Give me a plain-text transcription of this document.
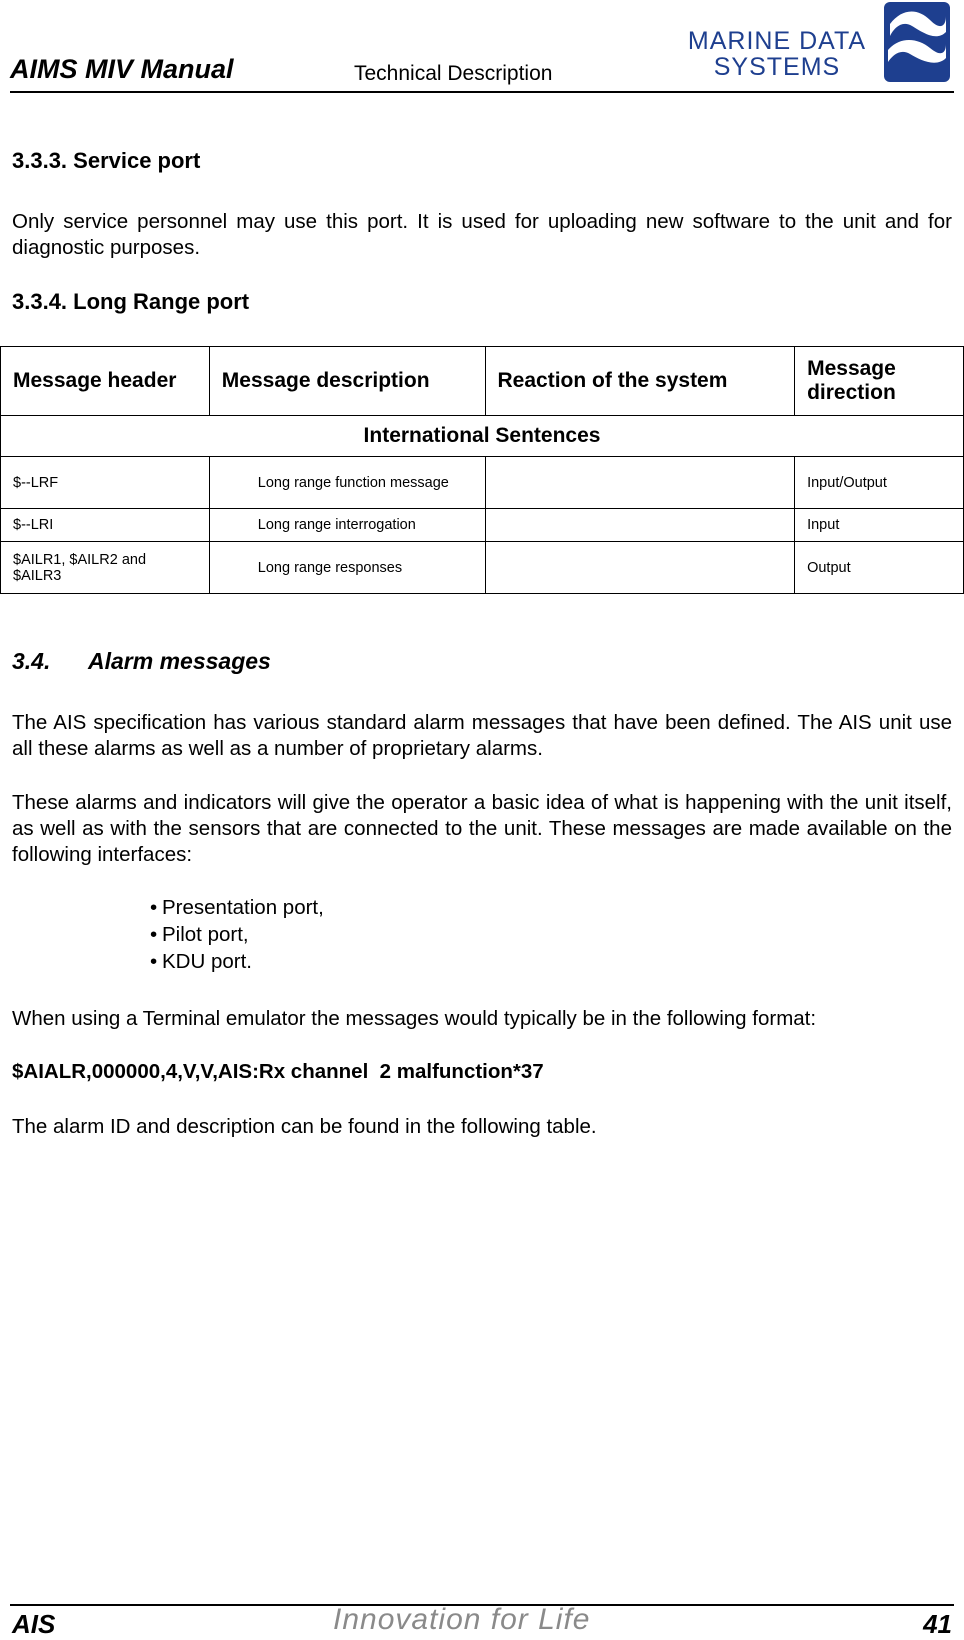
AIMS MIV Manual	Technical Description
MARINE DATA
SYSTEMS
3.3.3. Service port
Only service personnel may use this port. It is used for uploading new software to the unit and for diagnostic purposes.
3.3.4. Long Range port
Message header	Message description	Reaction of the system	Message direction
International Sentences			
$--LRF	Long range function message		Input/Output
$--LRI	Long range interrogation		Input
$AILR1, $AILR2 and $AILR3	Long range responses		Output
3.4. Alarm messages
The AIS specification has various standard alarm messages that have been defined. The AIS unit use all these alarms as well as a number of proprietary alarms.
These alarms and indicators will give the operator a basic idea of what is happening with the unit itself, as well as with the sensors that are connected to the unit. These messages are made available on the following interfaces:
• Presentation port,
• Pilot port,
• KDU port.
When using a Terminal emulator the messages would typically be in the following format:
$AIALR,000000,4,V,V,AIS:Rx channel  2 malfunction*37
The alarm ID and description can be found in the following table.
AIS	Innovation for Life	41
